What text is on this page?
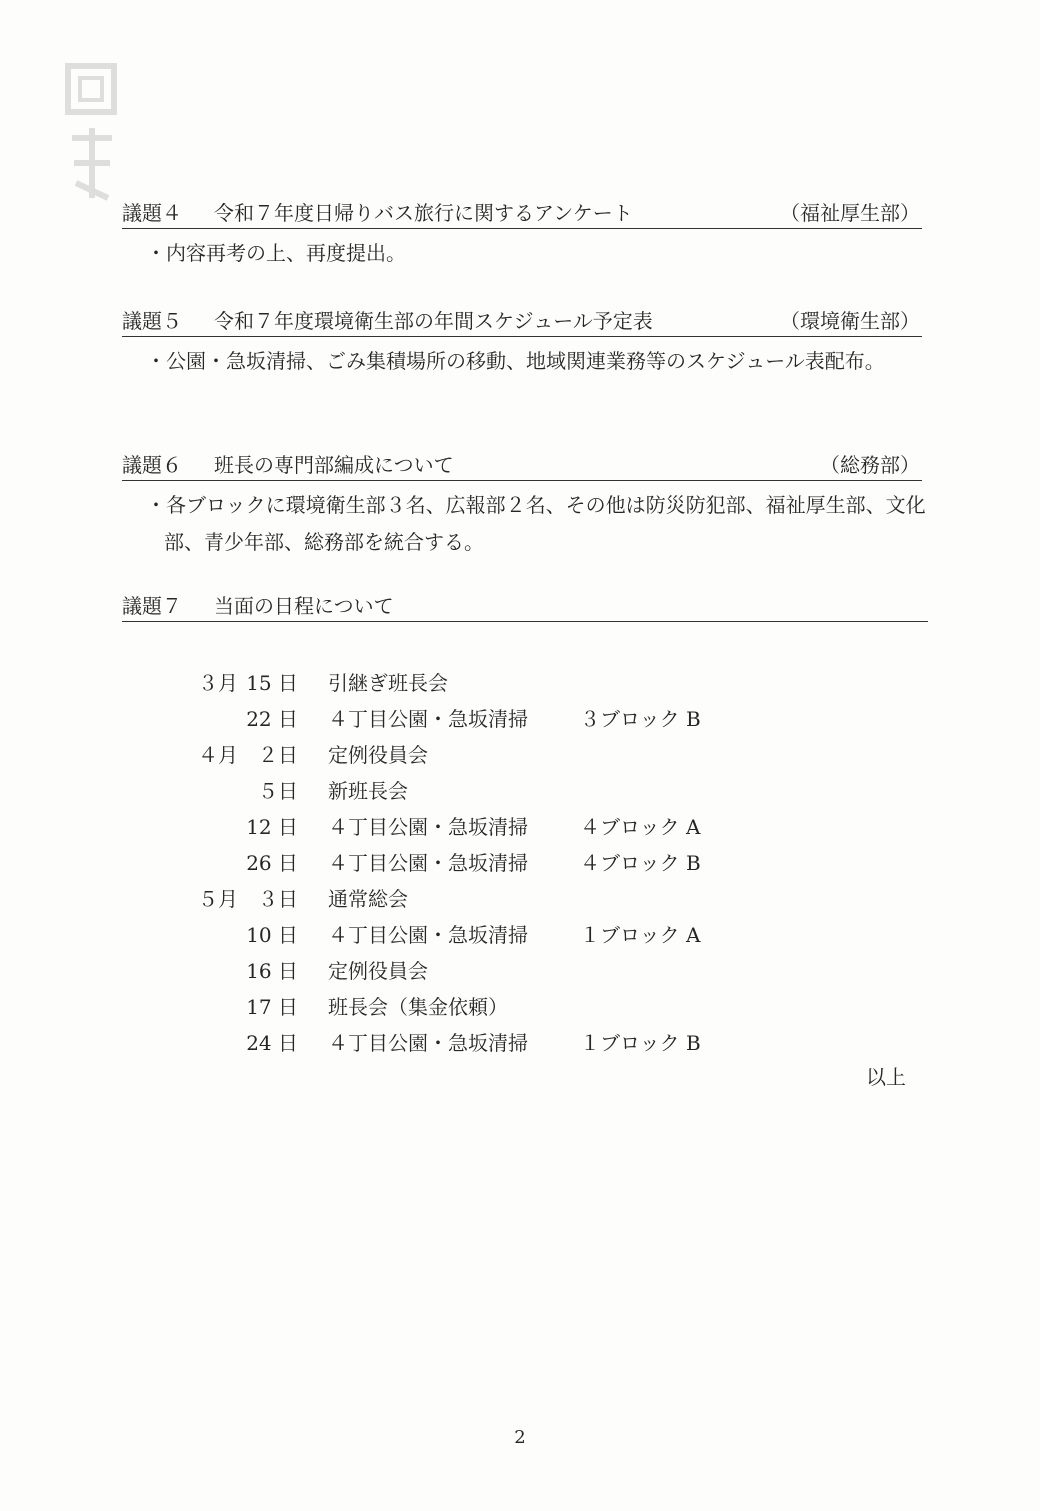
議題４ 令和７年度日帰りバス旅行に関するアンケート	（福祉厚生部）
・内容再考の上、再度提出。
議題５ 令和７年度環境衛生部の年間スケジュール予定表	（環境衛生部）
・公園・急坂清掃、ごみ集積場所の移動、地域関連業務等のスケジュール表配布。
議題６ 班長の専門部編成について	（総務部）
・各ブロックに環境衛生部３名、広報部２名、その他は防災防犯部、福祉厚生部、文化部、青少年部、総務部を統合する。
議題７ 当面の日程について
３月 15 日 引継ぎ班長会
22 日 ４丁目公園・急坂清掃	３ブロック B
４月	２日 定例役員会
５日 新班長会
12 日 ４丁目公園・急坂清掃	４ブロック A
26 日 ４丁目公園・急坂清掃	４ブロック B
５月	３日 通常総会
10 日 ４丁目公園・急坂清掃	１ブロック A
16 日 定例役員会
17 日 班長会（集金依頼）
24 日 ４丁目公園・急坂清掃	１ブロック B
以上
2
